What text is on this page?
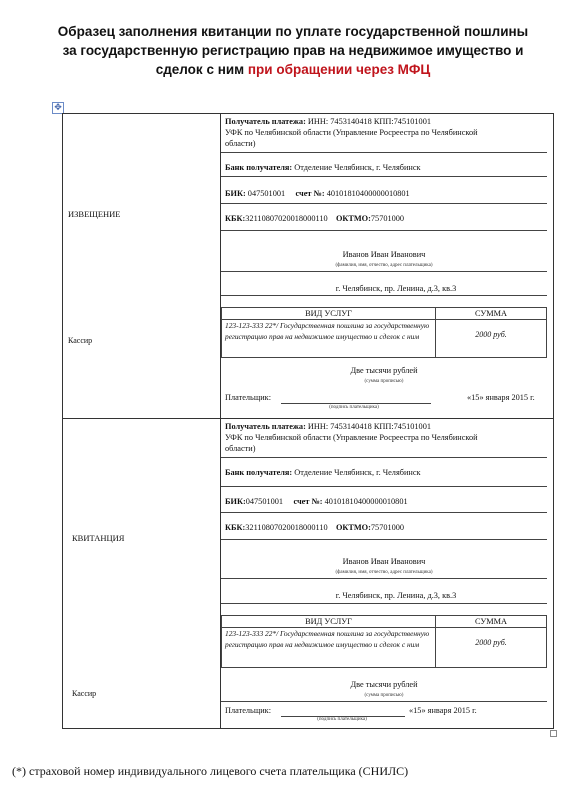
Образец заполнения квитанции по уплате государственной пошлины
за государственную регистрацию прав на недвижимое имущество и
сделок с ним при обращении через МФЦ
✥
ИЗВЕЩЕНИЕ
Кассир
Получатель платежа: ИНН: 7453140418 КПП:745101001
УФК по Челябинской области (Управление Росреестра по Челябинской
области)
Банк получателя: Отделение Челябинск, г. Челябинск
БИК: 047501001 счет №: 40101810400000010801
КБК:32110807020018000110 ОКТМО:75701000
Иванов Иван Иванович
(фамилия, имя, отчество, адрес плательщика)
г. Челябинск, пр. Ленина, д.3, кв.3
ВИД УСЛУГ	СУММА
123-123-333 22*/ Государственная пошлина за государственную регистрацию прав на недвижимое имущество и сделок с ним	2000 руб.
Две тысячи рублей
(сумма прописью)
Плательщик:	«15» января 2015 г.
(подпись плательщика)
КВИТАНЦИЯ
Кассир
Получатель платежа: ИНН: 7453140418 КПП:745101001
УФК по Челябинской области (Управление Росреестра по Челябинской
области)
Банк получателя: Отделение Челябинск, г. Челябинск
БИК:047501001 счет №: 40101810400000010801
КБК:32110807020018000110 ОКТМО:75701000
Иванов Иван Иванович
(фамилия, имя, отчество, адрес плательщика)
г. Челябинск, пр. Ленина, д.3, кв.3
ВИД УСЛУГ	СУММА
123-123-333 22*/ Государственная пошлина за государственную регистрацию прав на недвижимое имущество и сделок с ним	2000 руб.
Две тысячи рублей
(сумма прописью)
Плательщик:	«15» января 2015 г.
(подпись плательщика)
(*) страховой номер индивидуального лицевого счета плательщика (СНИЛС)
